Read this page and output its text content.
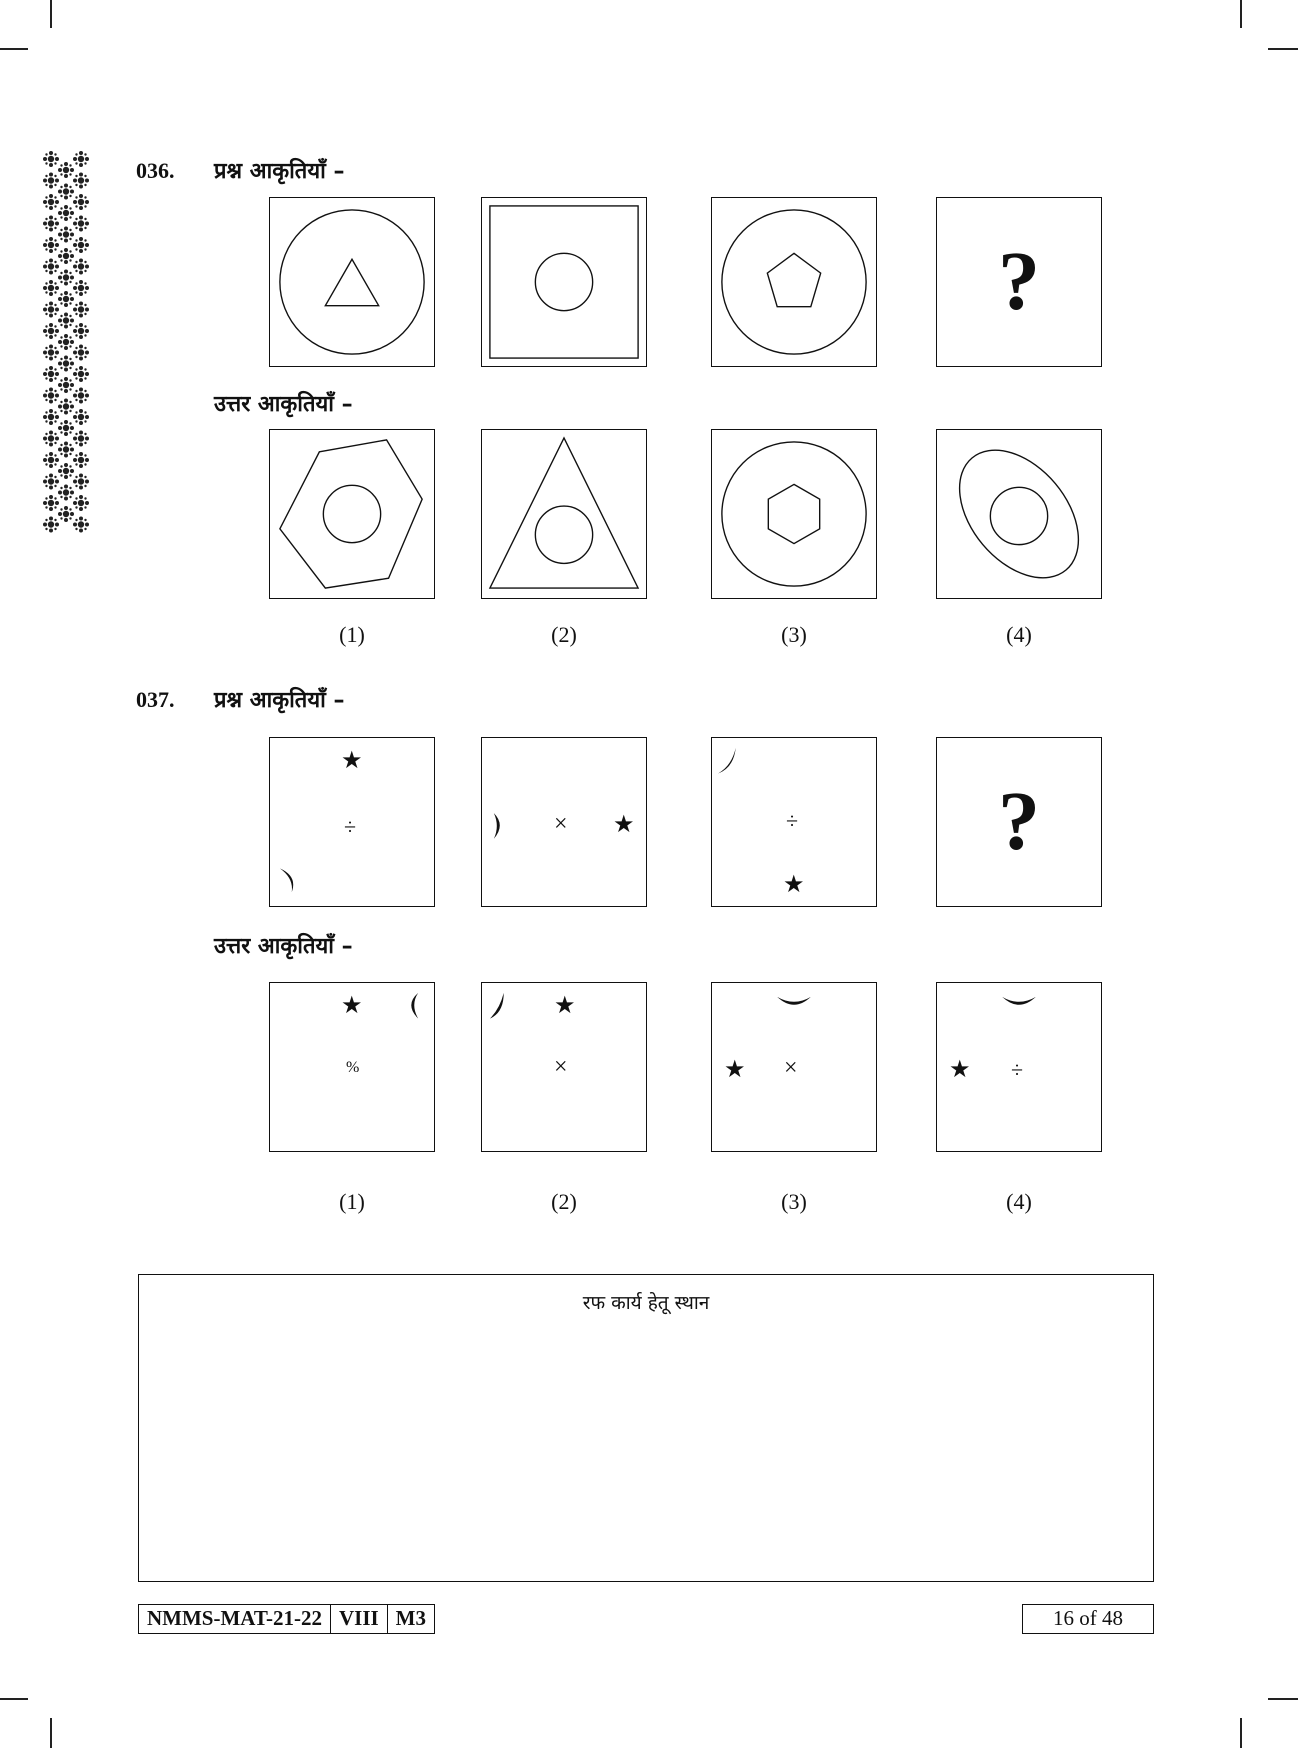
036. प्रश्न आकृतियाँ –
?
उत्तर आकृतियाँ –
(1)	(2)	(3)	(4)
037. प्रश्न आकृतियाँ –
★
÷	× ★	÷
★
?
उत्तर आकृतियाँ –
★
%
★
×	★ ×	★ ÷
(1)	(2)	(3)	(4)
रफ कार्य हेतू स्थान
NMMS-MAT-21-22 VIII M3	16 of 48
